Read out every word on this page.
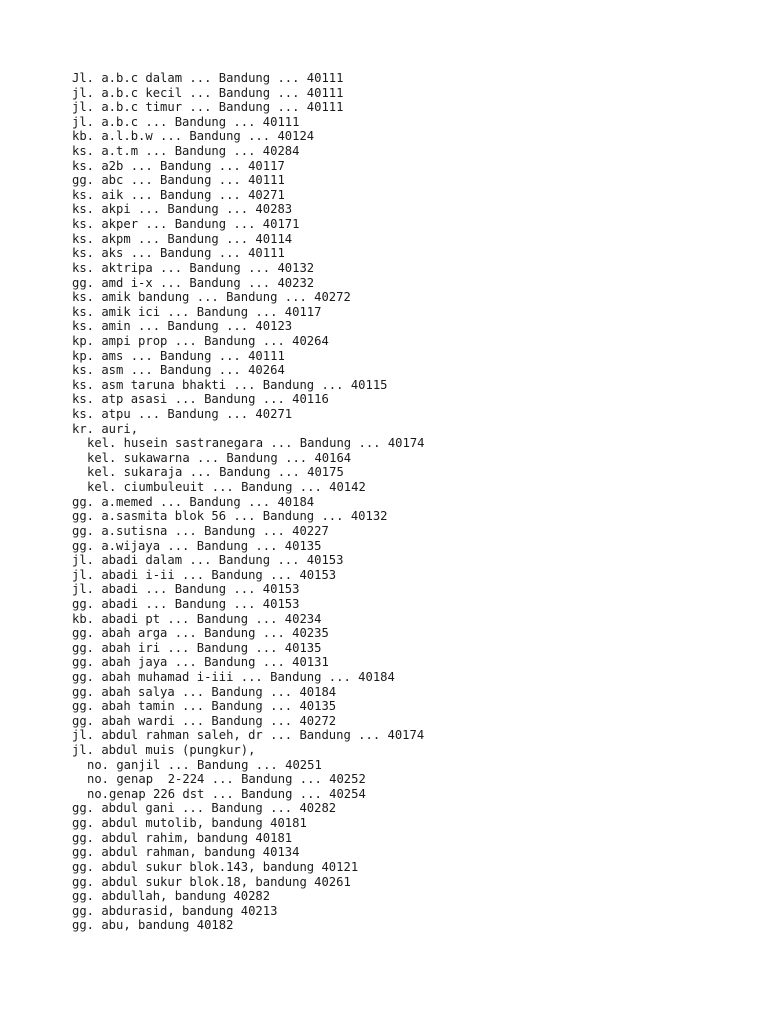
Jl. a.b.c dalam ... Bandung ... 40111

jl. a.b.c kecil ... Bandung ... 40111

jl. a.b.c timur ... Bandung ... 40111

jl. a.b.c ... Bandung ... 40111

kb. a.l.b.w ... Bandung ... 40124

ks. a.t.m ... Bandung ... 40284

ks. a2b ... Bandung ... 40117

gg. abc ... Bandung ... 40111

ks. aik ... Bandung ... 40271

ks. akpi ... Bandung ... 40283

ks. akper ... Bandung ... 40171

ks. akpm ... Bandung ... 40114

ks. aks ... Bandung ... 40111

ks. aktripa ... Bandung ... 40132

gg. amd i-x ... Bandung ... 40232

ks. amik bandung ... Bandung ... 40272

ks. amik ici ... Bandung ... 40117

ks. amin ... Bandung ... 40123

kp. ampi prop ... Bandung ... 40264

kp. ams ... Bandung ... 40111

ks. asm ... Bandung ... 40264

ks. asm taruna bhakti ... Bandung ... 40115

ks. atp asasi ... Bandung ... 40116

ks. atpu ... Bandung ... 40271

kr. auri,

kel. husein sastranegara ... Bandung ... 40174

kel. sukawarna ... Bandung ... 40164

kel. sukaraja ... Bandung ... 40175

kel. ciumbuleuit ... Bandung ... 40142

gg. a.memed ... Bandung ... 40184

gg. a.sasmita blok 56 ... Bandung ... 40132

gg. a.sutisna ... Bandung ... 40227

gg. a.wijaya ... Bandung ... 40135

jl. abadi dalam ... Bandung ... 40153

jl. abadi i-ii ... Bandung ... 40153

jl. abadi ... Bandung ... 40153

gg. abadi ... Bandung ... 40153

kb. abadi pt ... Bandung ... 40234

gg. abah arga ... Bandung ... 40235

gg. abah iri ... Bandung ... 40135

gg. abah jaya ... Bandung ... 40131

gg. abah muhamad i-iii ... Bandung ... 40184

gg. abah salya ... Bandung ... 40184

gg. abah tamin ... Bandung ... 40135

gg. abah wardi ... Bandung ... 40272

jl. abdul rahman saleh, dr ... Bandung ... 40174

jl. abdul muis (pungkur),

no. ganjil ... Bandung ... 40251

no. genap  2-224 ... Bandung ... 40252

no.genap 226 dst ... Bandung ... 40254

gg. abdul gani ... Bandung ... 40282

gg. abdul mutolib, bandung 40181

gg. abdul rahim, bandung 40181

gg. abdul rahman, bandung 40134

gg. abdul sukur blok.143, bandung 40121

gg. abdul sukur blok.18, bandung 40261

gg. abdullah, bandung 40282

gg. abdurasid, bandung 40213

gg. abu, bandung 40182
